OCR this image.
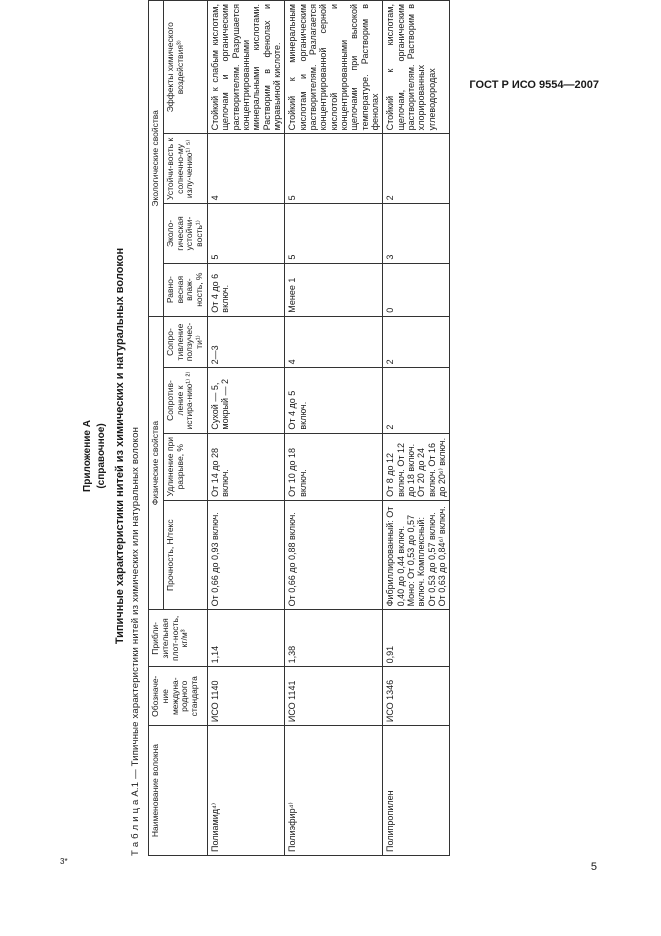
ГОСТ Р ИСО 9554—2007
Приложение А (справочное) Типичные характеристики нитей из химических и натуральных волокон Т а б л и ц а А.1 — Типичные характеристики нитей из химических или натуральных волокон Наименование волокна	Обозначе-ние междуна-родного стандарта	Прибли-зительная плот-ность, кг/м³	Физические свойства				Экологические свойства			
			Прочность, Н/текс	Удлинение при разрыве, %	Сопротив-ление к истира-нию¹⁾ ²⁾	Сопро-тивление ползучес-ти¹⁾	Равно-весная влаж-ность, %	Эколо-гическая устойчи-вость¹⁾	Устойчи-вость к солнечно-му излу-чению¹⁾ ⁵⁾	Эффекты химического воздействия³⁾
Полиамид⁴⁾	ИСО 1140	1,14	От 0,66 до 0,93 включ.	От 14 до 28 включ.	Сухой — 5, мокрый — 2	2—3	От 4 до 6 включ.	5	4	Стойкий к слабым кислотам, щелочам и органическим растворителям. Разрушается концентрированными минеральными кислотами. Растворим в фенолах и муравьиной кислоте.
Полиэфир⁴⁾	ИСО 1141	1,38	От 0,66 до 0,88 включ.	От 10 до 18 включ.	От 4 до 5 включ.	4	Менее 1	5	5	Стойкий к минеральным кислотам и органическим растворителям. Разлагается концентрированной серной кислотой и концентрированными щелочами при высокой температуре. Растворим в фенолах
Полипропилен	ИСО 1346	0,91	Фибриллированный: От 0,40 до 0,44 включ. Моно: От 0,53 до 0,57 включ. Комплексный: От 0,53 до 0,57 включ. От 0,63 до 0,84⁶⁾ включ.	От 8 до 12 включ. От 12 до 18 включ. От 20 до 24 включ. От 16 до 20⁶⁾ включ.	2	2	0	3	2	Стойкий к кислотам, щелочам, органическим растворителям. Растворим в хлорированных углеводородах
3*	5
